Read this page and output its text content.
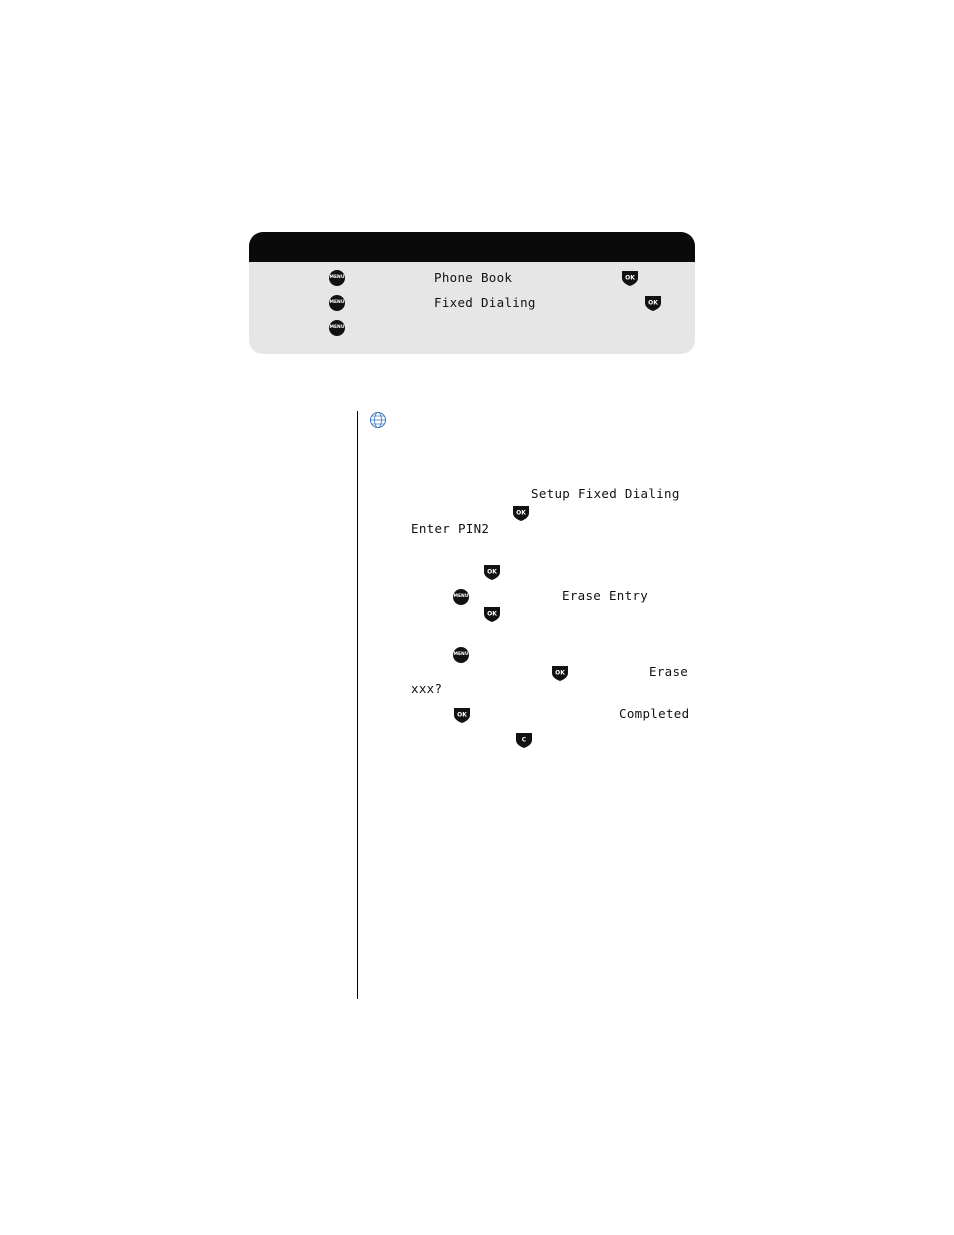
MENU	Phone Book	OK
MENU	Fixed Dialing	OK
MENU
Setup Fixed Dialing
OK
Enter PIN2
OK
MENU	Erase Entry
OK
MENU
OK	Erase
xxx?
OK	Completed
C
